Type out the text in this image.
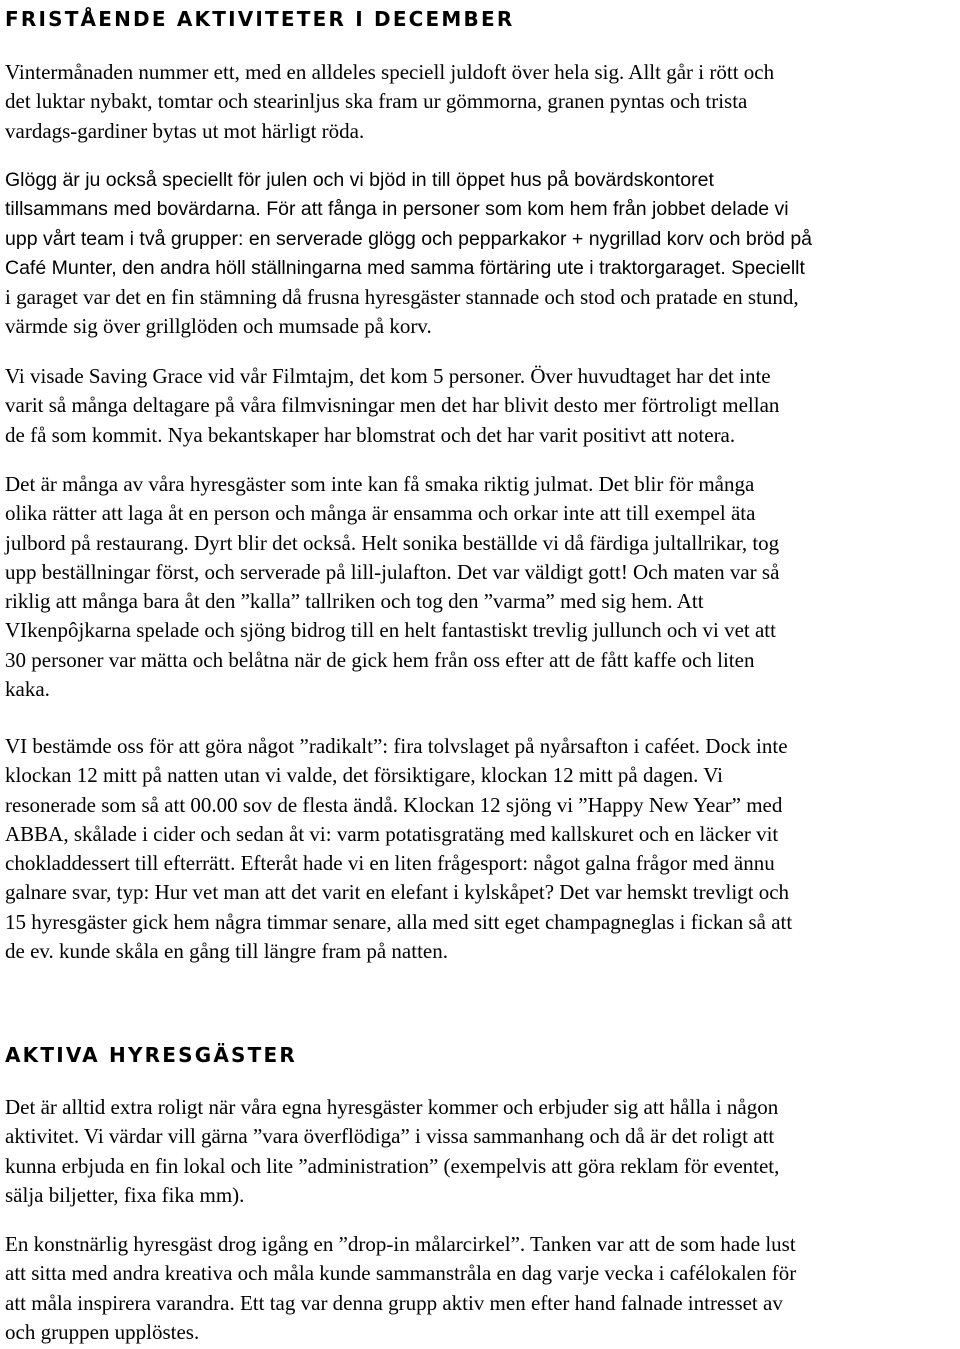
FRISTÅENDE AKTIVITETER I DECEMBER

Vintermånaden nummer ett, med en alldeles speciell juldoft över hela sig. Allt går i rött och
det luktar nybakt, tomtar och stearinljus ska fram ur gömmorna, granen pyntas och trista
vardags-gardiner bytas ut mot härligt röda.

Glögg är ju också speciellt för julen och vi bjöd in till öppet hus på bovärdskontoret
tillsammans med bovärdarna. För att fånga in personer som kom hem från jobbet delade vi
upp vårt team i två grupper: en serverade glögg och pepparkakor + nygrillad korv och bröd på
Café Munter, den andra höll ställningarna med samma förtäring ute i traktorgaraget. Speciellt
i garaget var det en fin stämning då frusna hyresgäster stannade och stod och pratade en stund,
värmde sig över grillglöden och mumsade på korv.

Vi visade Saving Grace vid vår Filmtajm, det kom 5 personer. Över huvudtaget har det inte
varit så många deltagare på våra filmvisningar men det har blivit desto mer förtroligt mellan
de få som kommit. Nya bekantskaper har blomstrat och det har varit positivt att notera.

Det är många av våra hyresgäster som inte kan få smaka riktig julmat. Det blir för många
olika rätter att laga åt en person och många är ensamma och orkar inte att till exempel äta
julbord på restaurang. Dyrt blir det också. Helt sonika beställde vi då färdiga jultallrikar, tog
upp beställningar först, och serverade på lill-julafton. Det var väldigt gott! Och maten var så
riklig att många bara åt den ”kalla” tallriken och tog den ”varma” med sig hem. Att
VIkenpôjkarna spelade och sjöng bidrog till en helt fantastiskt trevlig jullunch och vi vet att
30 personer var mätta och belåtna när de gick hem från oss efter att de fått kaffe och liten
kaka.

VI bestämde oss för att göra något ”radikalt”: fira tolvslaget på nyårsafton i caféet. Dock inte
klockan 12 mitt på natten utan vi valde, det försiktigare, klockan 12 mitt på dagen. Vi
resonerade som så att 00.00 sov de flesta ändå. Klockan 12 sjöng vi ”Happy New Year” med
ABBA, skålade i cider och sedan åt vi: varm potatisgratäng med kallskuret och en läcker vit
chokladdessert till efterrätt. Efteråt hade vi en liten frågesport: något galna frågor med ännu
galnare svar, typ: Hur vet man att det varit en elefant i kylskåpet? Det var hemskt trevligt och
15 hyresgäster gick hem några timmar senare, alla med sitt eget champagneglas i fickan så att
de ev. kunde skåla en gång till längre fram på natten.

AKTIVA HYRESGÄSTER

Det är alltid extra roligt när våra egna hyresgäster kommer och erbjuder sig att hålla i någon
aktivitet. Vi värdar vill gärna ”vara överflödiga” i vissa sammanhang och då är det roligt att
kunna erbjuda en fin lokal och lite ”administration” (exempelvis att göra reklam för eventet,
sälja biljetter, fixa fika mm).

En konstnärlig hyresgäst drog igång en ”drop-in målarcirkel”. Tanken var att de som hade lust
att sitta med andra kreativa och måla kunde sammanstråla en dag varje vecka i cafélokalen för
att måla inspirera varandra. Ett tag var denna grupp aktiv men efter hand falnade intresset av
och gruppen upplöstes.
